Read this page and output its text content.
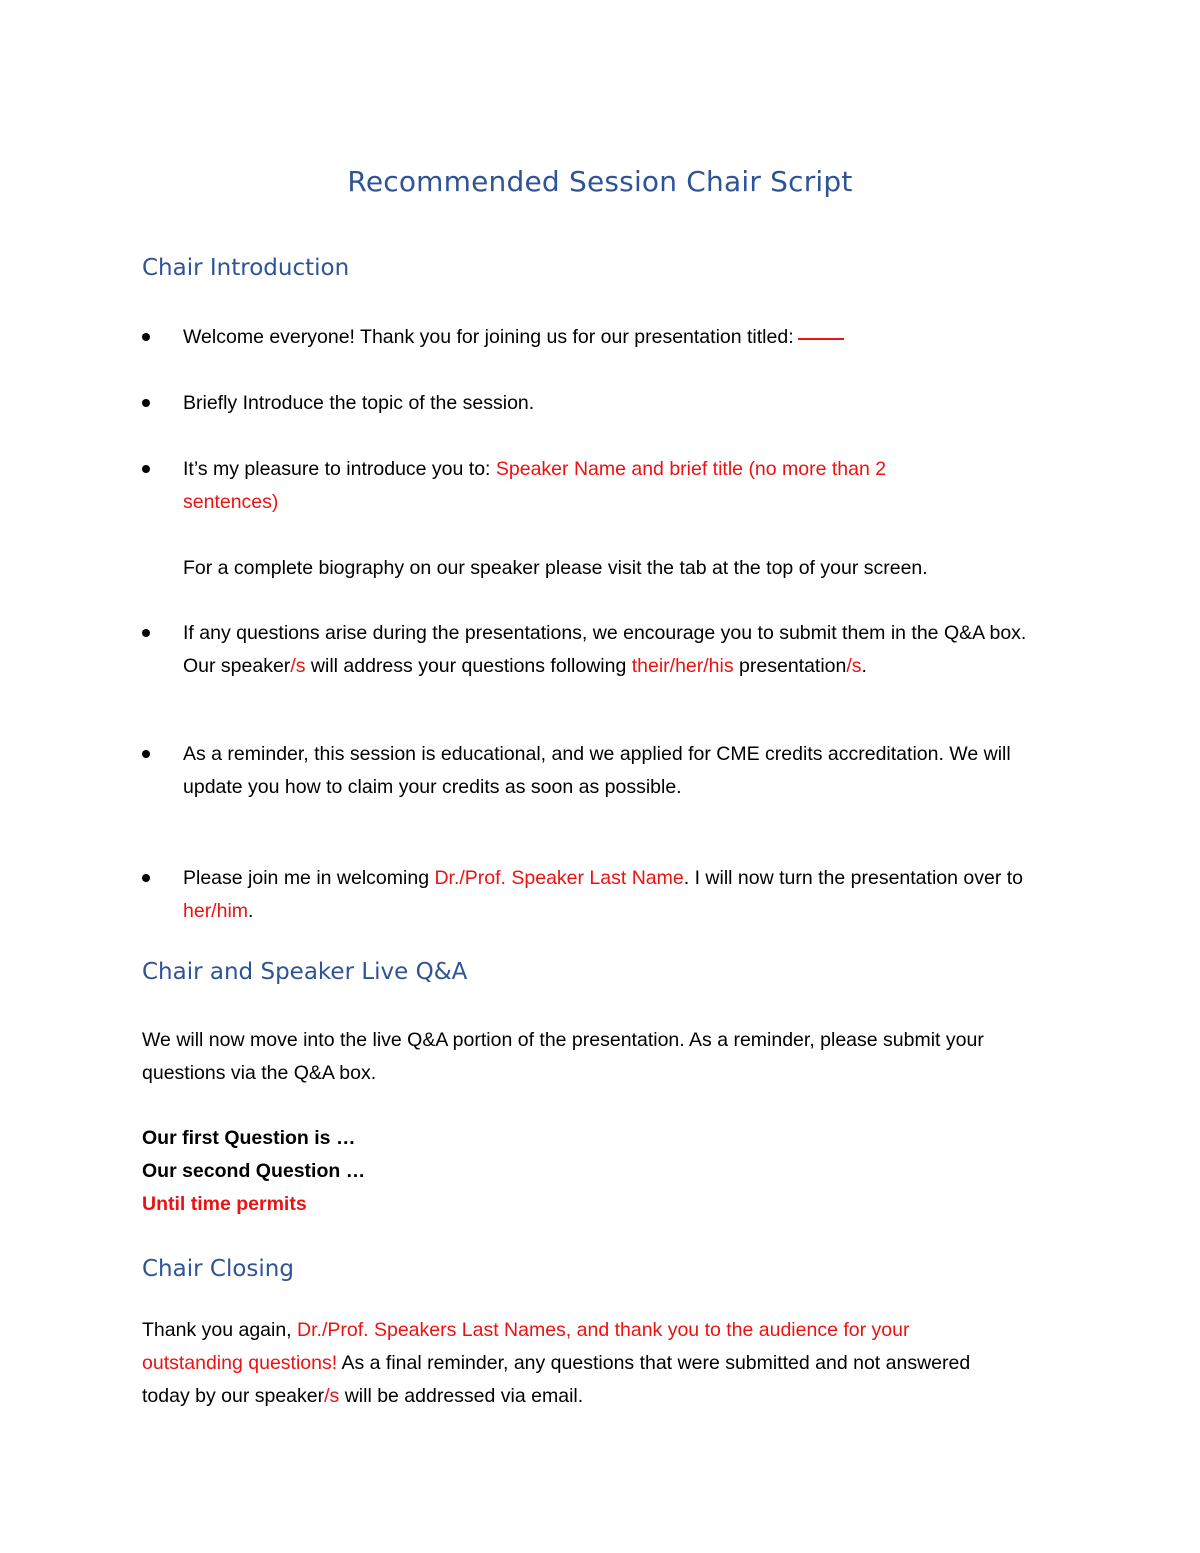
Recommended Session Chair Script
Chair Introduction
Welcome everyone! Thank you for joining us for our presentation titled:
Briefly Introduce the topic of the session.
It’s my pleasure to introduce you to: Speaker Name and brief title (no more than 2 sentences)
For a complete biography on our speaker please visit the tab at the top of your screen.
If any questions arise during the presentations, we encourage you to submit them in the Q&A box. Our speaker/s will address your questions following their/her/his presentation/s.
As a reminder, this session is educational, and we applied for CME credits accreditation. We will update you how to claim your credits as soon as possible.
Please join me in welcoming Dr./Prof. Speaker Last Name. I will now turn the presentation over to her/him.
Chair and Speaker Live Q&A
We will now move into the live Q&A portion of the presentation. As a reminder, please submit your questions via the Q&A box.
Our first Question is …
Our second Question …
Until time permits
Chair Closing
Thank you again, Dr./Prof. Speakers Last Names, and thank you to the audience for your outstanding questions! As a final reminder, any questions that were submitted and not answered today by our speaker/s will be addressed via email.
